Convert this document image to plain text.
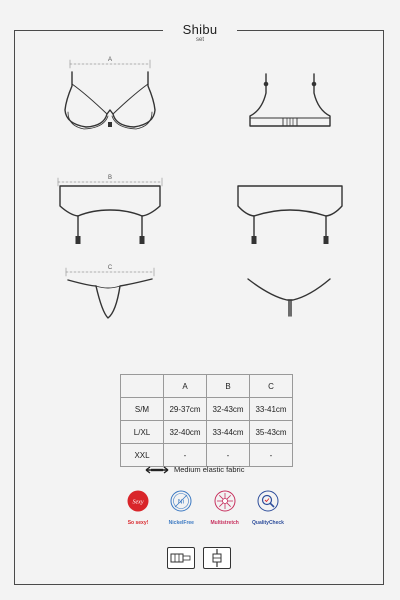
Shibu
set
A
B
C
	A	B	C
S/M	29-37cm	32-43cm	33-41cm
L/XL	32-40cm	33-44cm	35-43cm
XXL	-	-	-
Medium elastic fabric
Sexy
So sexy!
Ni
NickelFree	Multistretch	QualityCheck
